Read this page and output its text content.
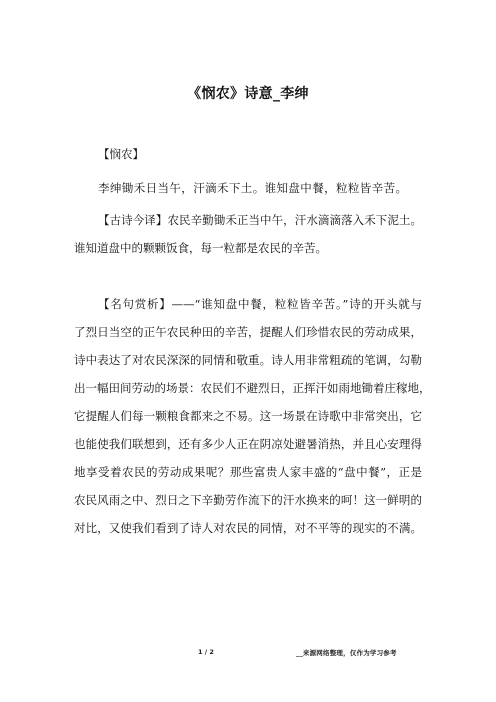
《悯农》诗意_李绅
【悯农】
李绅锄禾日当午，汗滴禾下土。谁知盘中餐，粒粒皆辛苦。
【古诗今译】农民辛勤锄禾正当中午，汗水滴滴落入禾下泥土。
谁知道盘中的颗颗饭食，每一粒都是农民的辛苦。
【名句赏析】——“谁知盘中餐，粒粒皆辛苦。”诗的开头就与
了烈日当空的正午农民种田的辛苦，提醒人们珍惜农民的劳动成果，
诗中表达了对农民深深的同情和敬重。诗人用非常粗疏的笔调，勾勒
出一幅田间劳动的场景：农民们不避烈日，正挥汗如雨地锄着庄稼地，
它提醒人们每一颗粮食都来之不易。这一场景在诗歌中非常突出，它
也能使我们联想到，还有多少人正在阴凉处避暑消热，并且心安理得
地享受着农民的劳动成果呢？那些富贵人家丰盛的“盘中餐”，正是
农民风雨之中、烈日之下辛勤劳作流下的汗水换来的呵！这一鲜明的
对比，又使我们看到了诗人对农民的同情，对不平等的现实的不满。
1 / 2	__来源网络整理，仅作为学习参考
